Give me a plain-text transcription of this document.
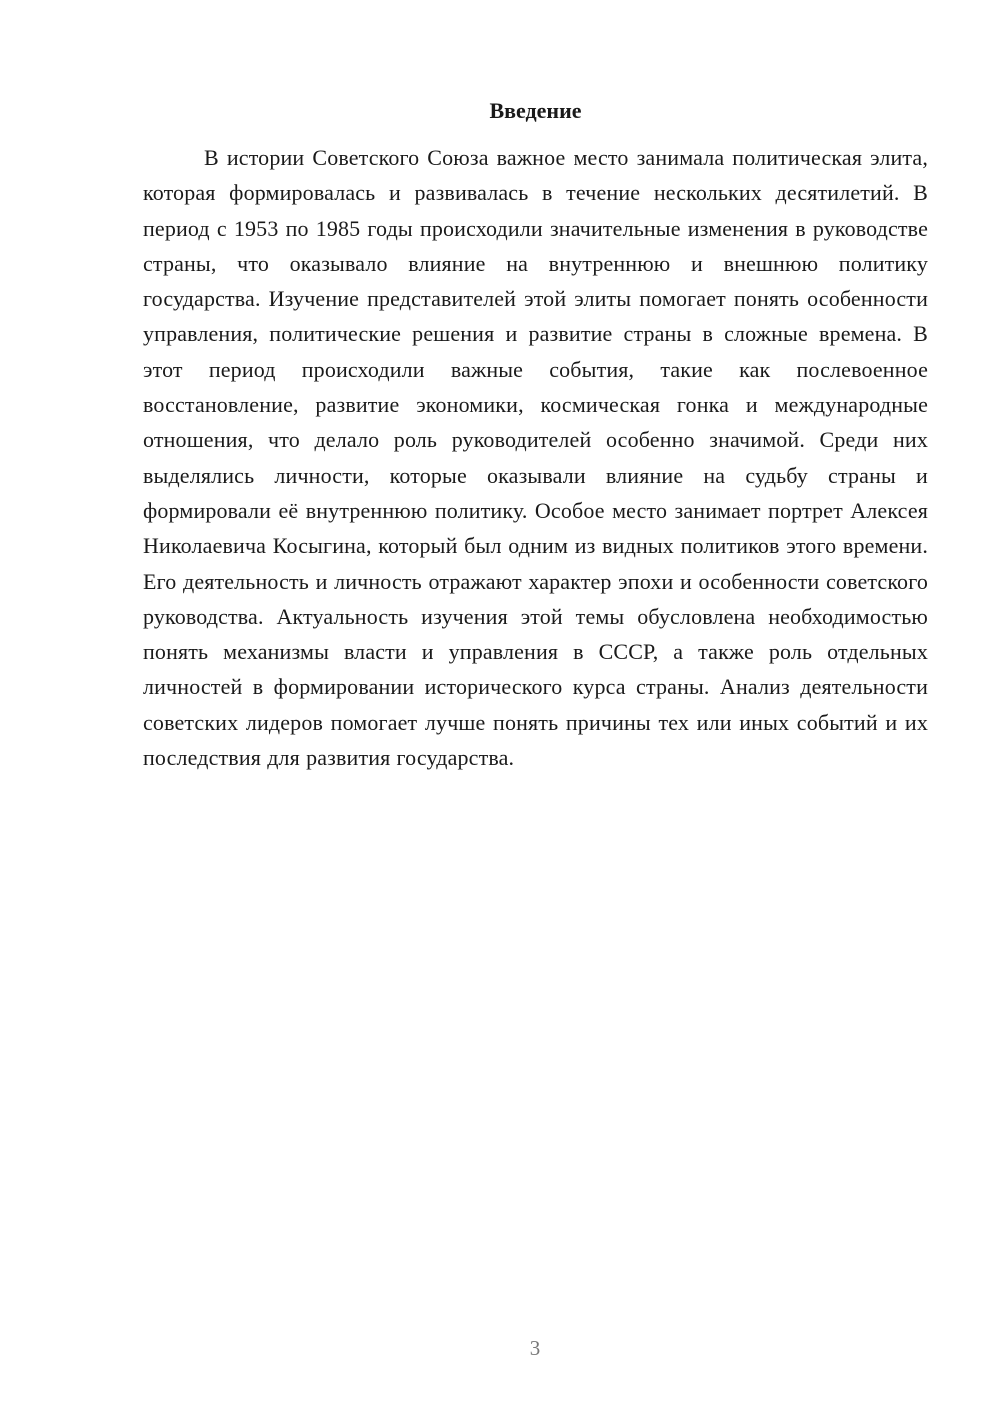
Введение

В истории Советского Союза важное место занимала политическая элита, которая формировалась и развивалась в течение нескольких десятилетий. В период с 1953 по 1985 годы происходили значительные изменения в руководстве страны, что оказывало влияние на внутреннюю и внешнюю политику государства. Изучение представителей этой элиты помогает понять особенности управления, политические решения и развитие страны в сложные времена. В этот период происходили важные события, такие как послевоенное восстановление, развитие экономики, космическая гонка и международные отношения, что делало роль руководителей особенно значимой. Среди них выделялись личности, которые оказывали влияние на судьбу страны и формировали её внутреннюю политику. Особое место занимает портрет Алексея Николаевича Косыгина, который был одним из видных политиков этого времени. Его деятельность и личность отражают характер эпохи и особенности советского руководства. Актуальность изучения этой темы обусловлена необходимостью понять механизмы власти и управления в СССР, а также роль отдельных личностей в формировании исторического курса страны. Анализ деятельности советских лидеров помогает лучше понять причины тех или иных событий и их последствия для развития государства.

3
